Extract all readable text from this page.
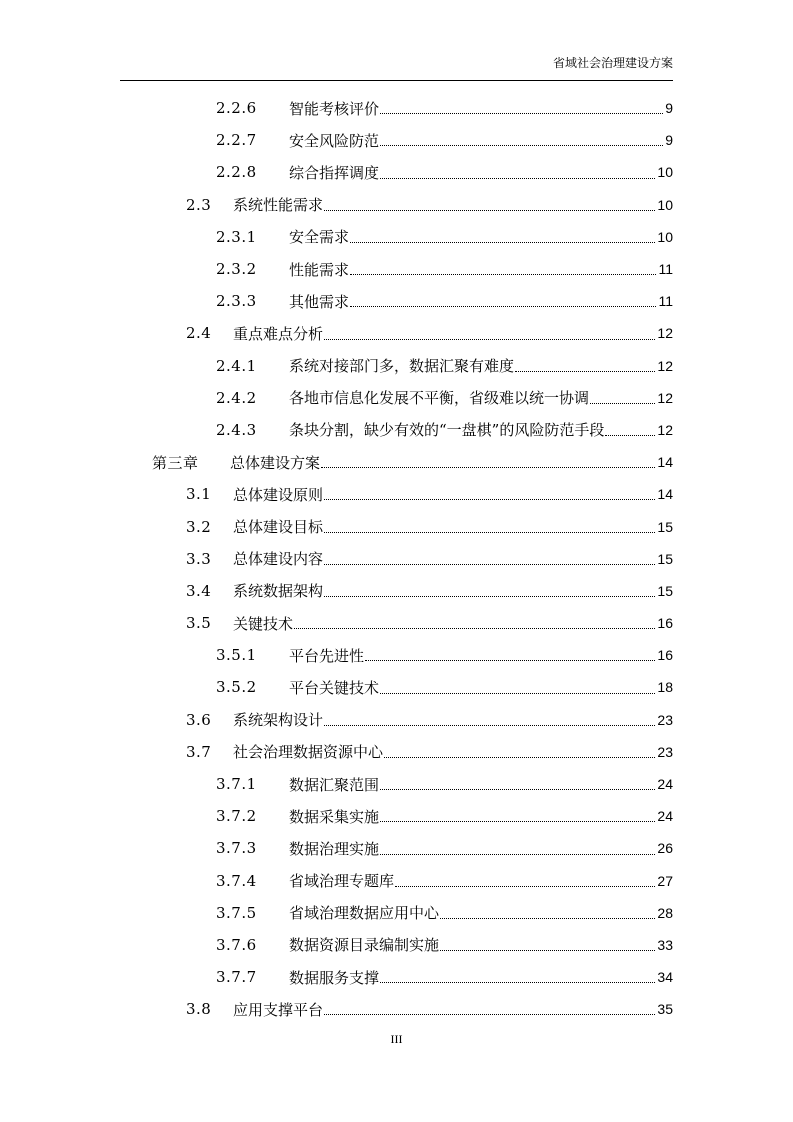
省域社会治理建设方案
2.2.6	智能考核评价	9
2.2.7	安全风险防范	9
2.2.8	综合指挥调度	10
2.3	系统性能需求	10
2.3.1	安全需求	10
2.3.2	性能需求	11
2.3.3	其他需求	11
2.4	重点难点分析	12
2.4.1	系统对接部门多，数据汇聚有难度	12
2.4.2	各地市信息化发展不平衡，省级难以统一协调	12
2.4.3	条块分割，缺少有效的“一盘棋”的风险防范手段	12
第三章	总体建设方案	14
3.1	总体建设原则	14
3.2	总体建设目标	15
3.3	总体建设内容	15
3.4	系统数据架构	15
3.5	关键技术	16
3.5.1	平台先进性	16
3.5.2	平台关键技术	18
3.6	系统架构设计	23
3.7	社会治理数据资源中心	23
3.7.1	数据汇聚范围	24
3.7.2	数据采集实施	24
3.7.3	数据治理实施	26
3.7.4	省域治理专题库	27
3.7.5	省域治理数据应用中心	28
3.7.6	数据资源目录编制实施	33
3.7.7	数据服务支撑	34
3.8	应用支撑平台	35
III
